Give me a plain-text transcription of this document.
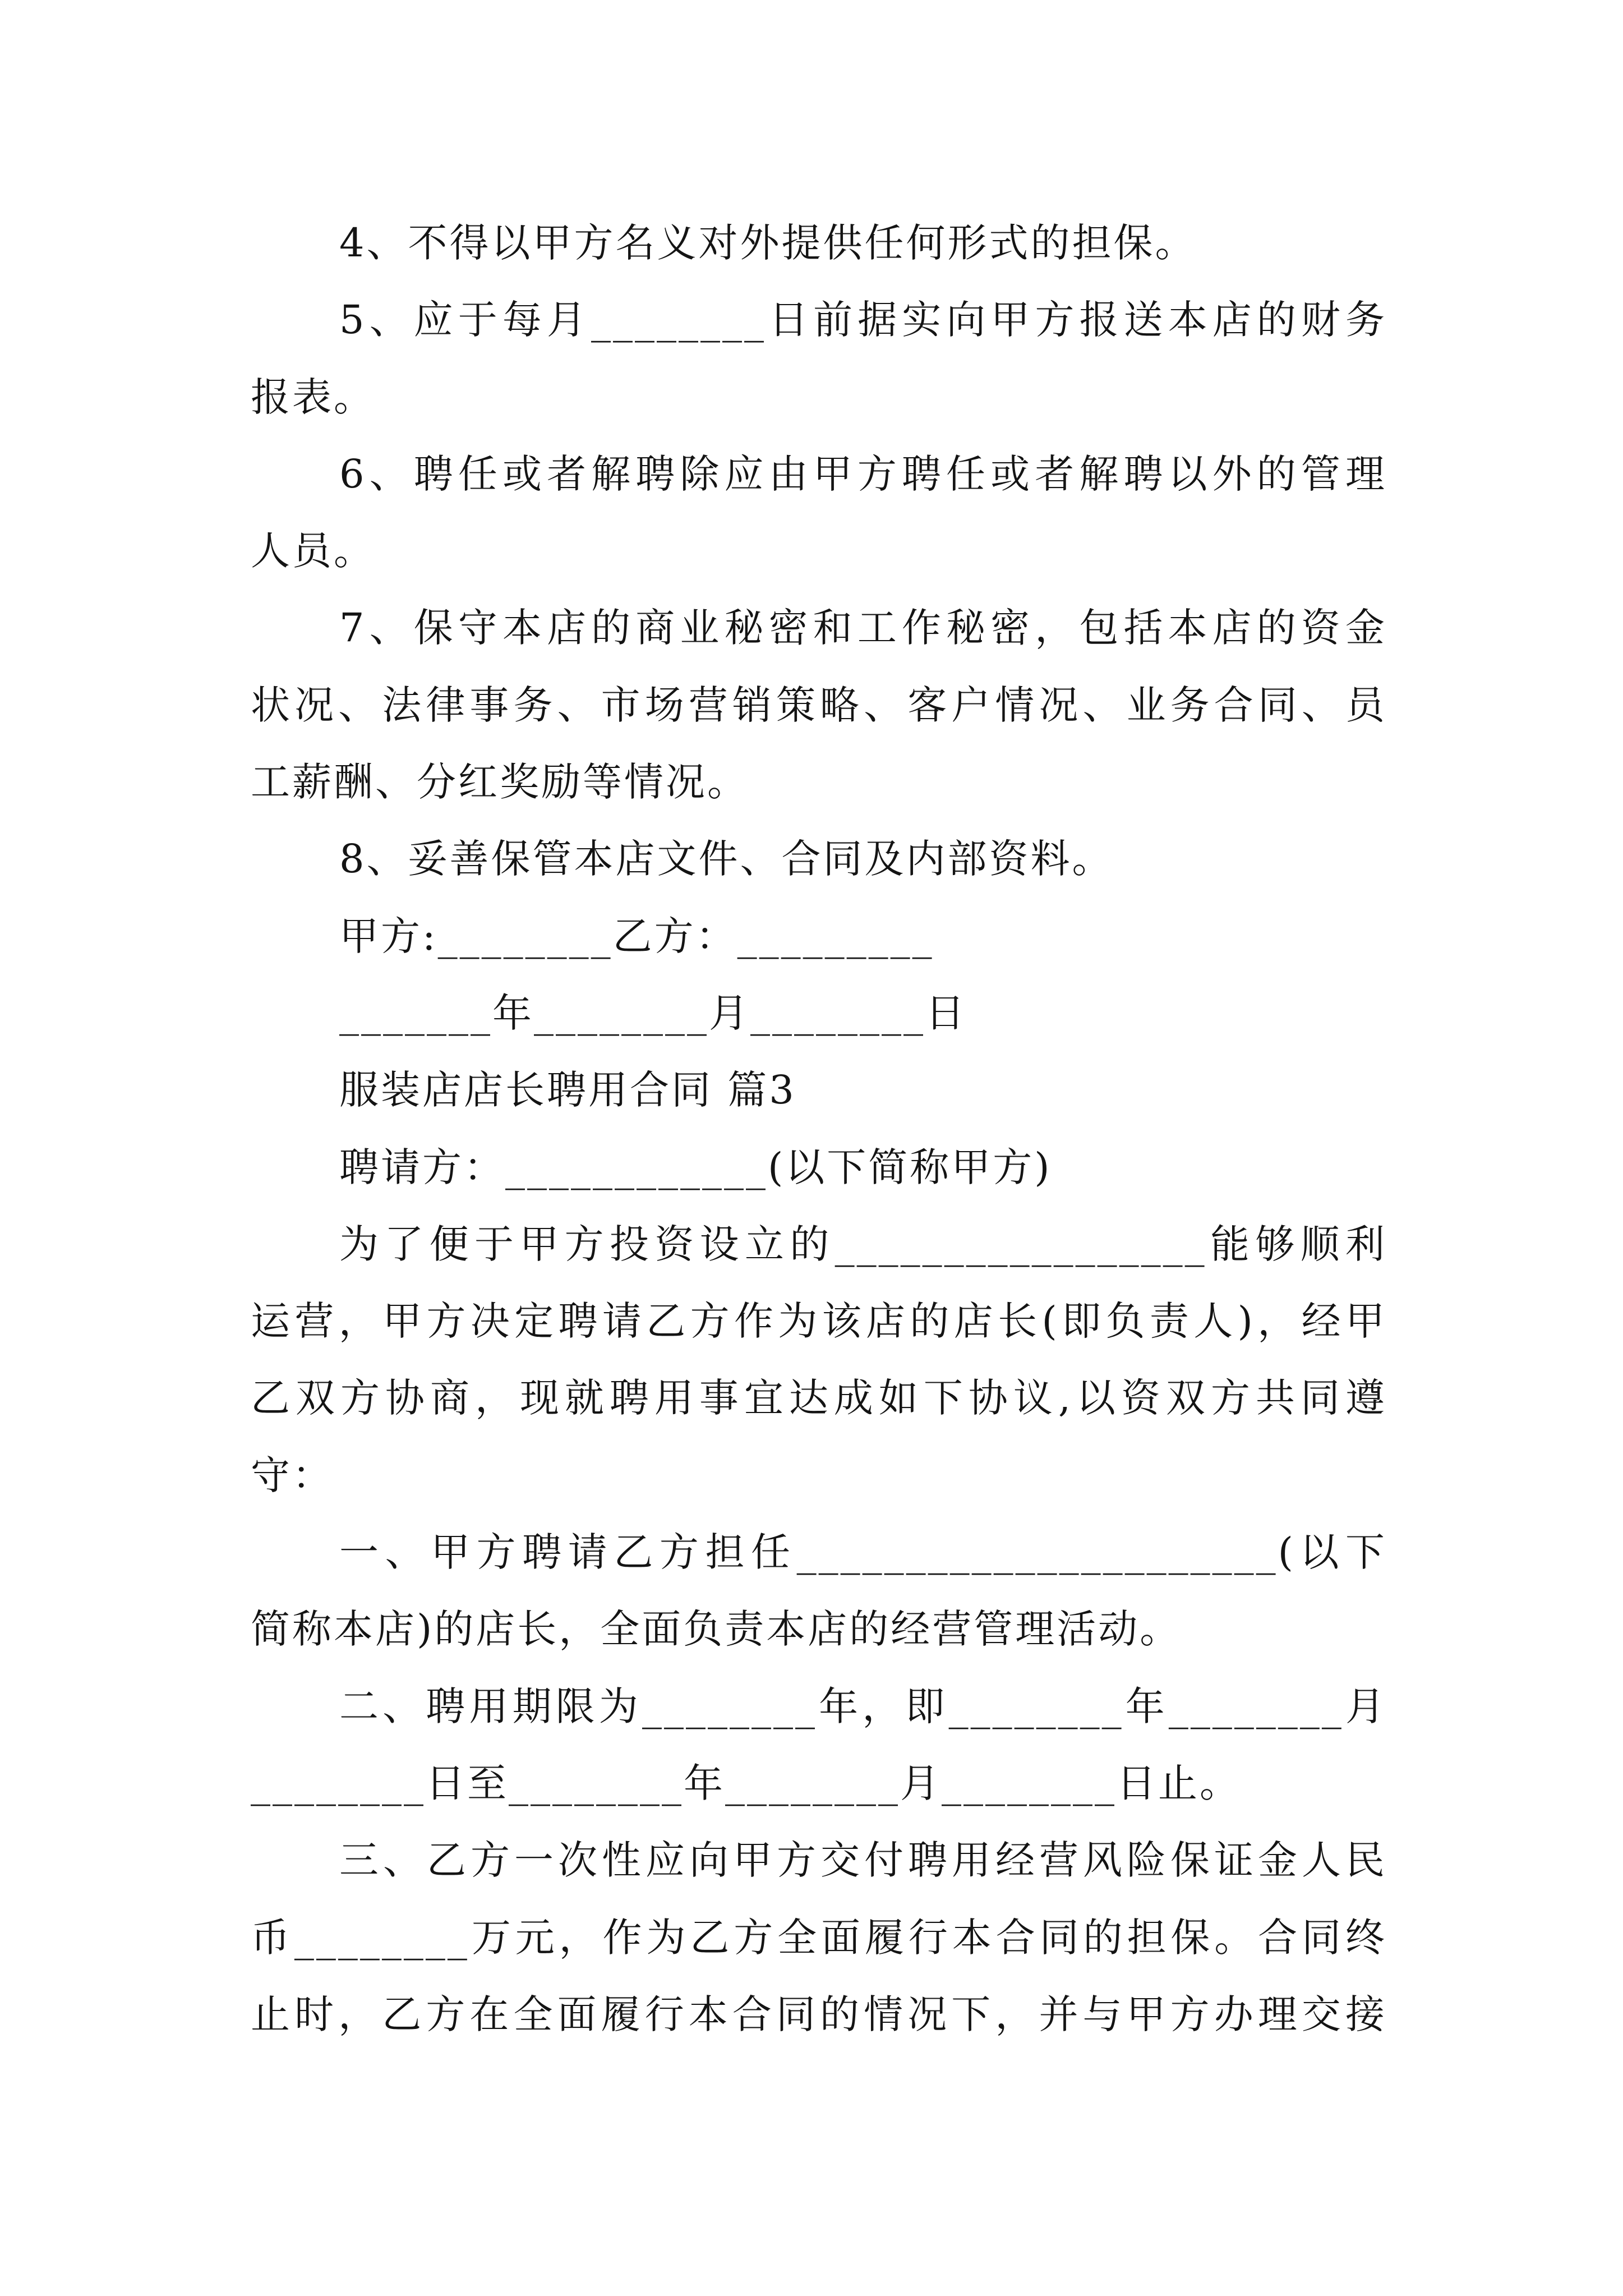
4、不得以甲方名义对外提供任何形式的担保。
5、应于每月________日前据实向甲方报送本店的财务
报表。
6、聘任或者解聘除应由甲方聘任或者解聘以外的管理
人员。
7、保守本店的商业秘密和工作秘密，包括本店的资金
状况、法律事务、市场营销策略、客户情况、业务合同、员
工薪酬、分红奖励等情况。
8、妥善保管本店文件、合同及内部资料。
甲方:________乙方：_________
_______年________月________日
服装店店长聘用合同 篇3
聘请方：____________(以下简称甲方)
为了便于甲方投资设立的_________________能够顺利
运营，甲方决定聘请乙方作为该店的店长(即负责人)，经甲
乙双方协商，现就聘用事宜达成如下协议,以资双方共同遵
守：
一、甲方聘请乙方担任______________________(以下
简称本店)的店长，全面负责本店的经营管理活动。
二、聘用期限为________年，即________年________月
________日至________年________月________日止。
三、乙方一次性应向甲方交付聘用经营风险保证金人民
币________万元，作为乙方全面履行本合同的担保。合同终
止时，乙方在全面履行本合同的情况下，并与甲方办理交接
